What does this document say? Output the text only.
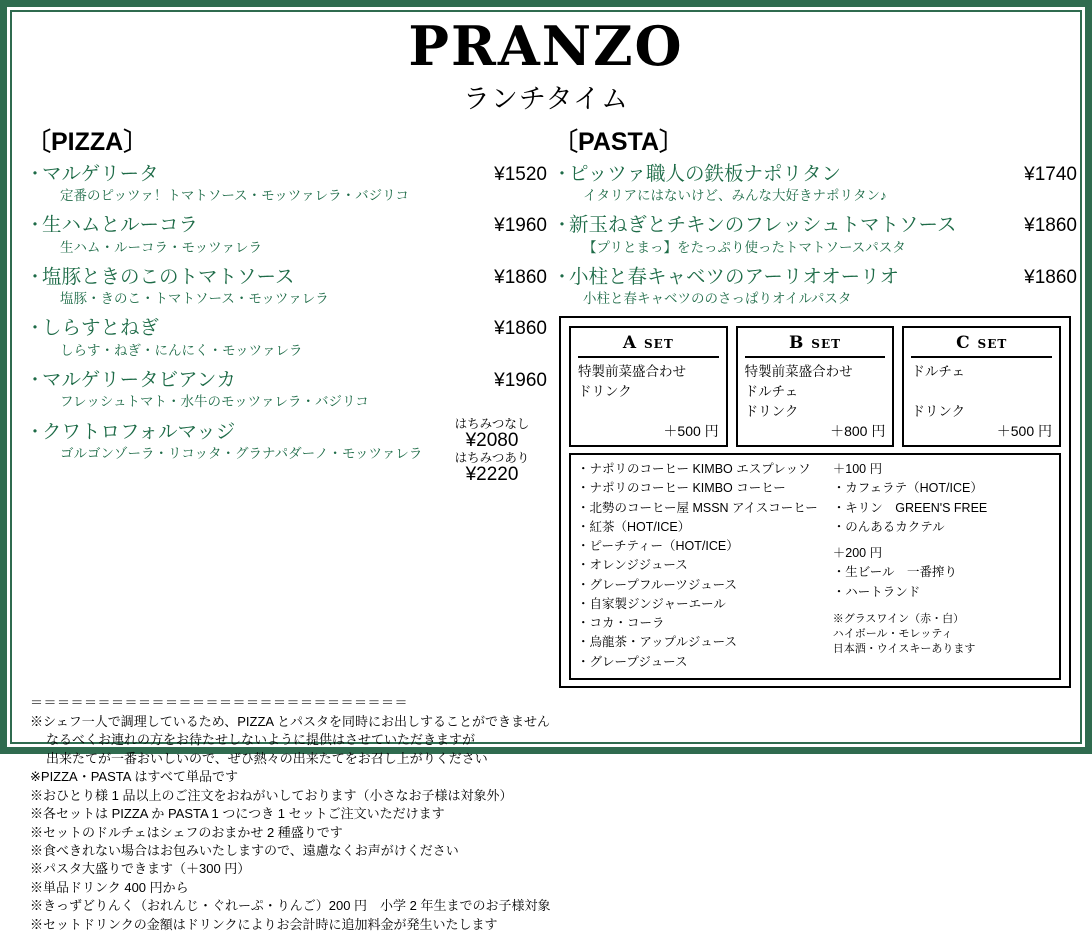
PRANZO
ランチタイム
〔PIZZA〕
・
マルゲリータ	¥1520
定番のピッツァ！トマトソース・モッツァレラ・バジリコ
・
生ハムとルーコラ	¥1960
生ハム・ルーコラ・モッツァレラ
・
塩豚ときのこのトマトソース	¥1860
塩豚・きのこ・トマトソース・モッツァレラ
・
しらすとねぎ	¥1860
しらす・ねぎ・にんにく・モッツァレラ
・
マルゲリータビアンカ	¥1960
フレッシュトマト・水牛のモッツァレラ・バジリコ
・
クワトロフォルマッジ
ゴルゴンゾーラ・リコッタ・グラナパダーノ・モッツァレラ
はちみつなし
¥2080
はちみつあり
¥2220
〔PASTA〕
・
ピッツァ職人の鉄板ナポリタン	¥1740
イタリアにはないけど、みんな大好きナポリタン♪
・
新玉ねぎとチキンのフレッシュトマトソース	¥1860
【プリとまっ】をたっぷり使ったトマトソースパスタ
・
小柱と春キャベツのアーリオオーリオ	¥1860
小柱と春キャベツののさっぱりオイルパスタ
A SET
特製前菜盛合わせ
ドリンク
＋500 円
B SET
特製前菜盛合わせ
ドルチェ
ドリンク
＋800 円
C SET
ドルチェ

ドリンク
＋500 円
・ナポリのコーヒー KIMBO エスプレッソ
・ナポリのコーヒー KIMBO コーヒー
・北勢のコーヒー屋 MSSN アイスコーヒー
・紅茶（HOT/ICE）
・ピーチティー（HOT/ICE）
・オレンジジュース
・グレープフルーツジュース
・自家製ジンジャーエール
・コカ・コーラ
・烏龍茶・アップルジュース
・グレープジュース
＋100 円
・カフェラテ（HOT/ICE）
・キリン　GREEN'S FREE
・のんあるカクテル
＋200 円
・生ビール　一番搾り
・ハートランド
※グラスワイン（赤・白）
ハイボール・モレッティ
日本酒・ウイスキーあります
＝＝＝＝＝＝＝＝＝＝＝＝＝＝＝＝＝＝＝＝＝＝＝＝＝＝＝＝
※シェフ一人で調理しているため、PIZZA とパスタを同時にお出しすることができません
なるべくお連れの方をお待たせしないように提供はさせていただきますが
出来たてが一番おいしいので、ぜひ熱々の出来たてをお召し上がりください
※PIZZA・PASTA はすべて単品です
※おひとり様 1 品以上のご注文をおねがいしております（小さなお子様は対象外）
※各セットは PIZZA か PASTA 1 つにつき 1 セットご注文いただけます
※セットのドルチェはシェフのおまかせ 2 種盛りです
※食べきれない場合はお包みいたしますので、遠慮なくお声がけください
※パスタ大盛りできます（＋300 円）
※単品ドリンク 400 円から
※きっずどりんく（おれんじ・ぐれーぷ・りんご）200 円　小学 2 年生までのお子様対象
※セットドリンクの金額はドリンクによりお会計時に追加料金が発生いたします
